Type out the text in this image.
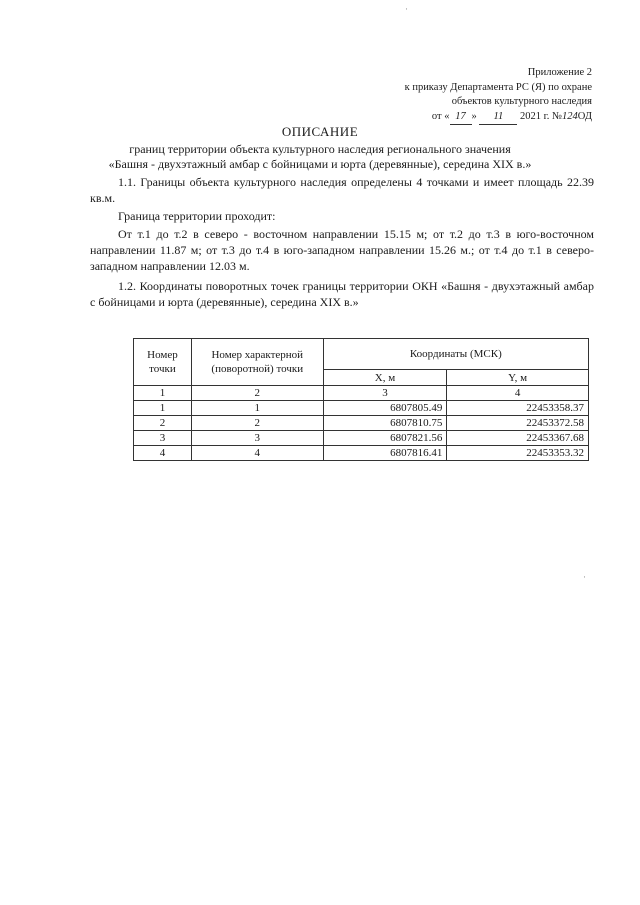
·
·
Приложение 2
к приказу Департамента РС (Я) по охране
объектов культурного наследия
от « 17 » 11 2021 г. №124ОД
ОПИСАНИЕ
границ территории объекта культурного наследия регионального значения
«Башня - двухэтажный амбар с бойницами и юрта (деревянные), середина XIX в.»
1.1. Границы объекта культурного наследия определены 4 точками и имеет площадь 22.39 кв.м.
Граница территории проходит:
От т.1 до т.2 в северо - восточном направлении 15.15 м; от т.2 до т.3 в юго-восточном направлении 11.87 м; от т.3 до т.4 в юго-западном направлении 15.26 м.; от т.4 до т.1 в северо-западном направлении 12.03 м.
1.2. Координаты поворотных точек границы территории ОКН «Башня - двухэтажный амбар с бойницами и юрта (деревянные), середина XIX в.»
Номер точки	Номер характерной (поворотной) точки	Координаты (МСК)	
		X, м	Y, м
1	2	3	4
1	1	6807805.49	22453358.37
2	2	6807810.75	22453372.58
3	3	6807821.56	22453367.68
4	4	6807816.41	22453353.32
